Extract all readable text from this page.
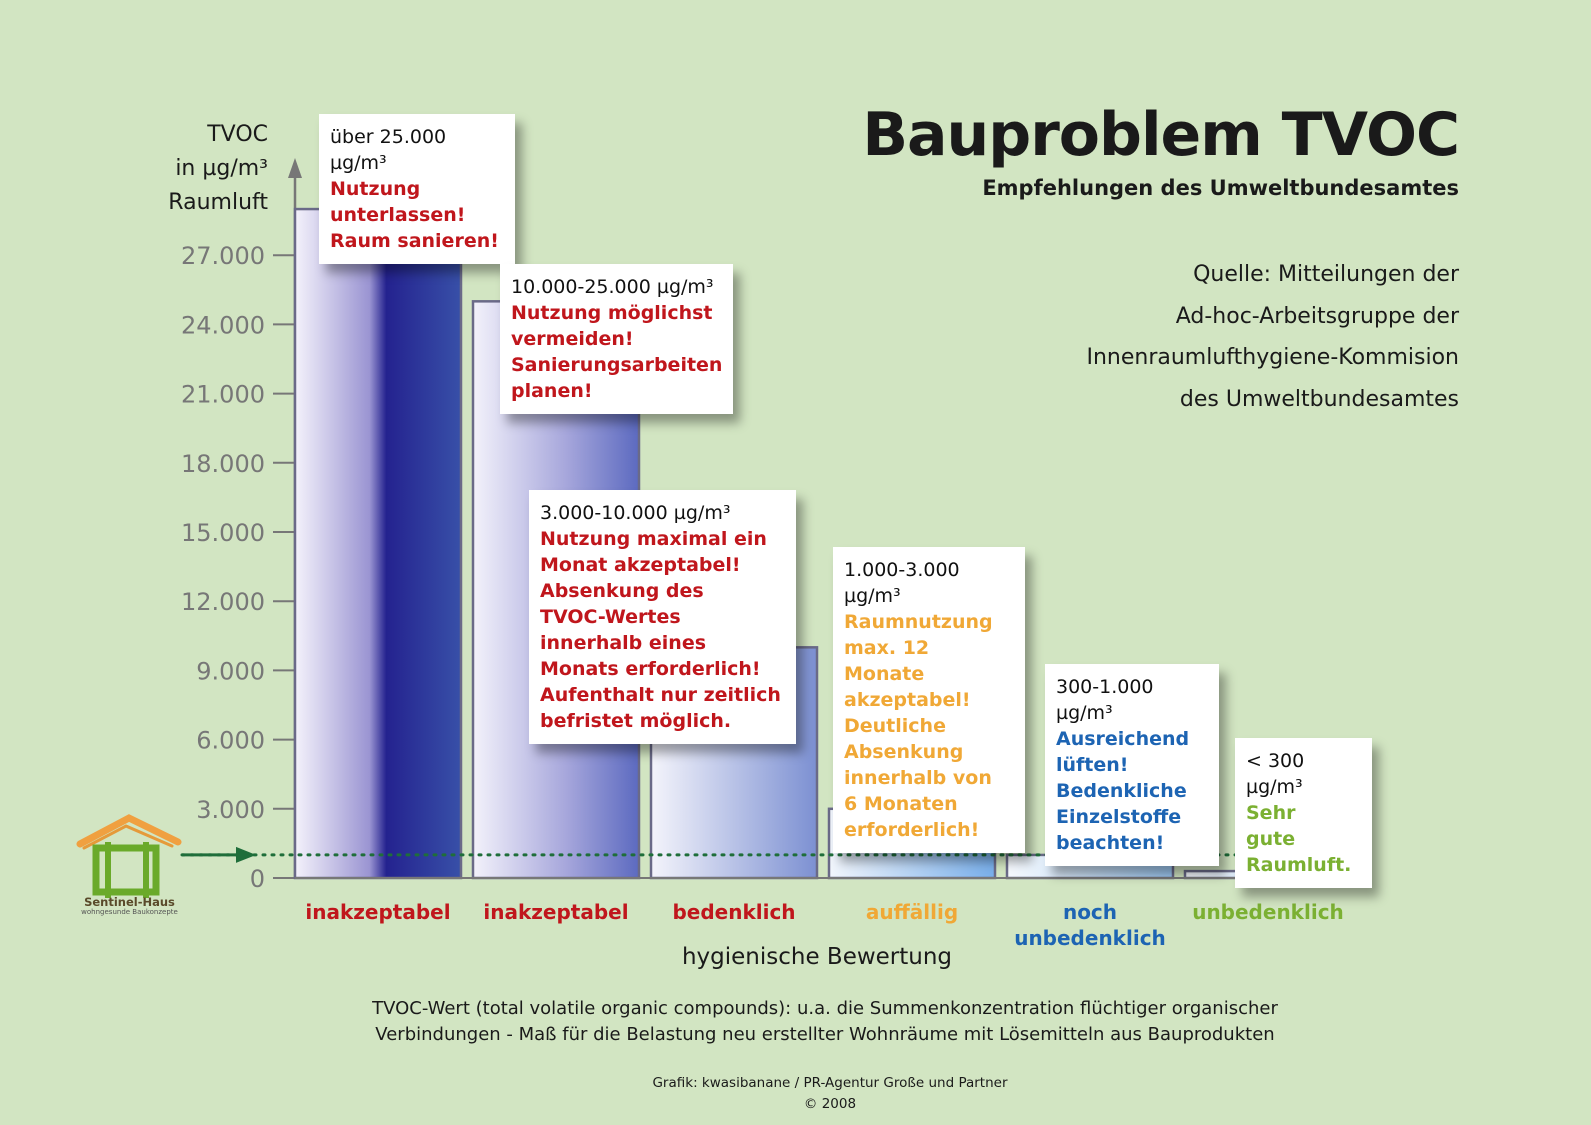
0
3.000
6.000
9.000
12.000
15.000
18.000
21.000
24.000
27.000
inakzeptabel inakzeptabel bedenklich	auffällig	noch
unbedenklich
unbedenklich
Bauproblem TVOC
Empfehlungen des Umweltbundesamtes
Quelle: Mitteilungen der
Ad-hoc-Arbeitsgruppe der
Innenraumlufthygiene-Kommision
des Umweltbundesamtes
TVOC
in µg/m³
Raumluft
über 25.000 µg/m³
Nutzung
unterlassen!
Raum sanieren!
10.000-25.000 µg/m³
Nutzung möglichst
vermeiden!
Sanierungsarbeiten
planen!
3.000-10.000 µg/m³
Nutzung maximal ein
Monat akzeptabel!
Absenkung des
TVOC-Wertes
innerhalb eines
Monats erforderlich!
Aufenthalt nur zeitlich
befristet möglich.
1.000-3.000 µg/m³
Raumnutzung
max. 12 Monate
akzeptabel!
Deutliche
Absenkung
innerhalb von
6 Monaten
erforderlich!
300-1.000 µg/m³
Ausreichend
lüften!
Bedenkliche
Einzelstoffe
beachten!
< 300 µg/m³
Sehr
gute
Raumluft.
hygienische Bewertung
TVOC-Wert (total volatile organic compounds): u.a. die Summenkonzentration flüchtiger organischer
Verbindungen - Maß für die Belastung neu erstellter Wohnräume mit Lösemitteln aus Bauprodukten
Grafik: kwasibanane / PR-Agentur Große und Partner
© 2008
Sentinel-Haus
wohngesunde Baukonzepte
